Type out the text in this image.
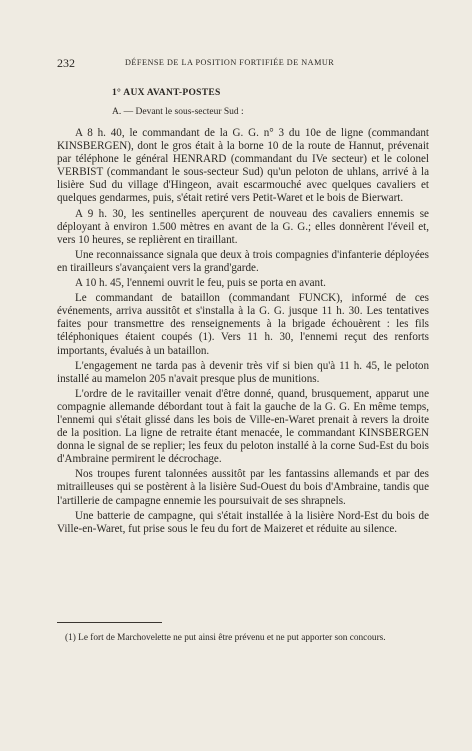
232	DÉFENSE DE LA POSITION FORTIFIÉE DE NAMUR
1° AUX AVANT-POSTES
A. — Devant le sous-secteur Sud :

A 8 h. 40, le commandant de la G. G. n° 3 du 10e de ligne (commandant KINSBERGEN), dont le gros était à la borne 10 de la route de Hannut, prévenait par téléphone le général HENRARD (commandant du IVe secteur) et le colonel VERBIST (commandant le sous-secteur Sud) qu'un peloton de uhlans, arrivé à la lisière Sud du village d'Hingeon, avait escarmouché avec quelques cavaliers et quelques gendarmes, puis, s'était retiré vers Petit-Waret et le bois de Bierwart.

A 9 h. 30, les sentinelles aperçurent de nouveau des cavaliers ennemis se déployant à environ 1.500 mètres en avant de la G. G.; elles donnèrent l'éveil et, vers 10 heures, se replièrent en tiraillant.

Une reconnaissance signala que deux à trois compagnies d'infanterie déployées en tirailleurs s'avançaient vers la grand'garde.

A 10 h. 45, l'ennemi ouvrit le feu, puis se porta en avant.

Le commandant de bataillon (commandant FUNCK), informé de ces événements, arriva aussitôt et s'installa à la G. G. jusque 11 h. 30. Les tentatives faites pour transmettre des renseignements à la brigade échouèrent : les fils téléphoniques étaient coupés (1). Vers 11 h. 30, l'ennemi reçut des renforts importants, évalués à un bataillon.

L'engagement ne tarda pas à devenir très vif si bien qu'à 11 h. 45, le peloton installé au mamelon 205 n'avait presque plus de munitions.

L'ordre de le ravitailler venait d'être donné, quand, brusquement, apparut une compagnie allemande débordant tout à fait la gauche de la G. G. En même temps, l'ennemi qui s'était glissé dans les bois de Ville-en-Waret prenait à revers la droite de la position. La ligne de retraite étant menacée, le commandant KINSBERGEN donna le signal de se replier; les feux du peloton installé à la corne Sud-Est du bois d'Ambraine permirent le décrochage.

Nos troupes furent talonnées aussitôt par les fantassins allemands et par des mitrailleuses qui se postèrent à la lisière Sud-Ouest du bois d'Ambraine, tandis que l'artillerie de campagne ennemie les poursuivait de ses shrapnels.

Une batterie de campagne, qui s'était installée à la lisière Nord-Est du bois de Ville-en-Waret, fut prise sous le feu du fort de Maizeret et réduite au silence.

(1) Le fort de Marchovelette ne put ainsi être prévenu et ne put apporter son concours.
